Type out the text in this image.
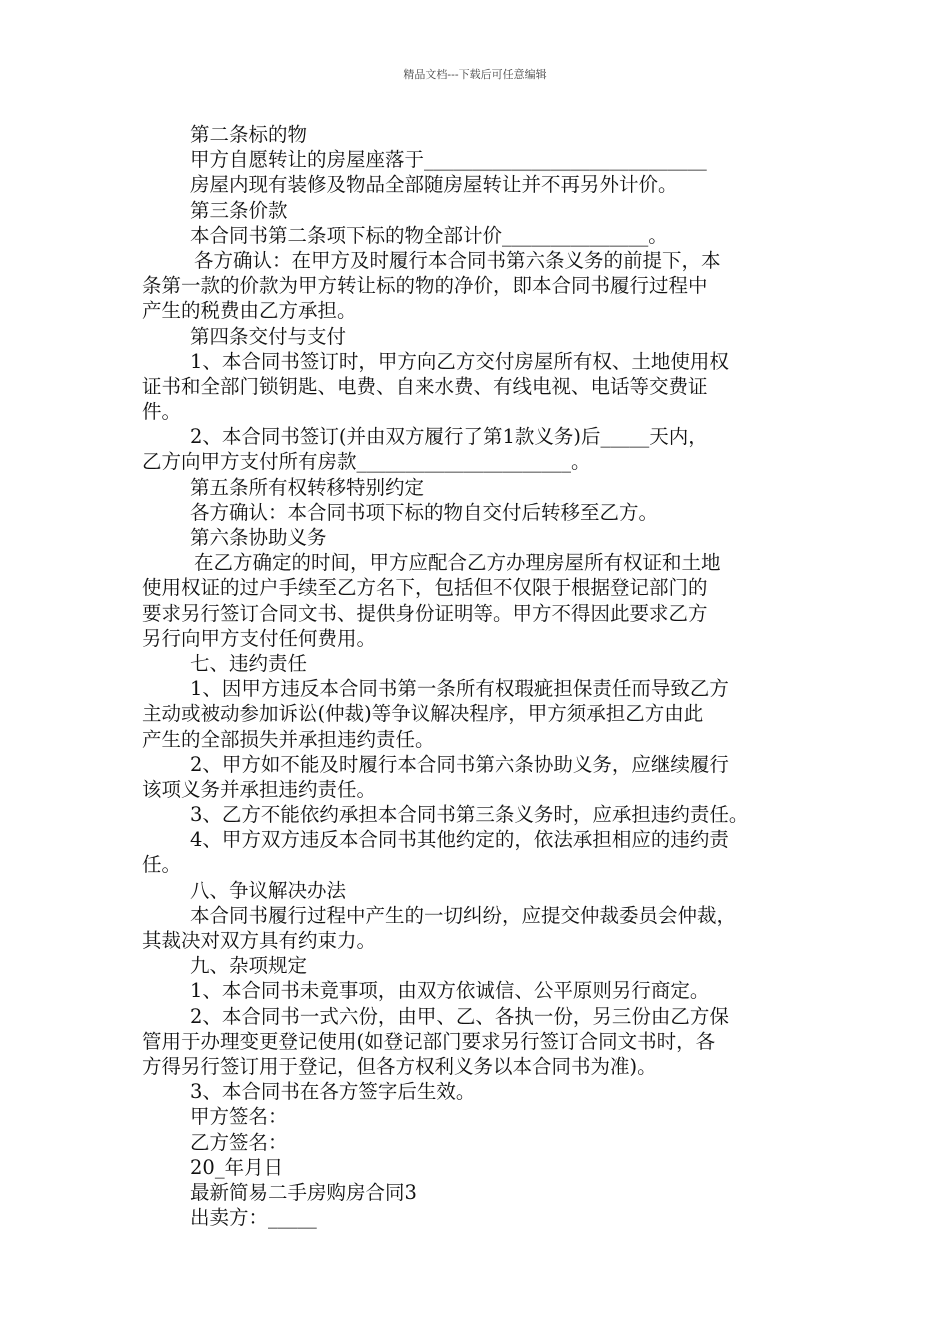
精品文档---下载后可任意编辑
第二条标的物
甲方自愿转让的房屋座落于_____________________________
房屋内现有装修及物品全部随房屋转让并不再另外计价。
第三条价款
本合同书第二条项下标的物全部计价_______________。
各方确认：在甲方及时履行本合同书第六条义务的前提下，本
条第一款的价款为甲方转让标的物的净价，即本合同书履行过程中
产生的税费由乙方承担。
第四条交付与支付
1、本合同书签订时，甲方向乙方交付房屋所有权、土地使用权
证书和全部门锁钥匙、电费、自来水费、有线电视、电话等交费证
件。
2、本合同书签订(并由双方履行了第1款义务)后_____天内，
乙方向甲方支付所有房款______________________。
第五条所有权转移特别约定
各方确认：本合同书项下标的物自交付后转移至乙方。
第六条协助义务
在乙方确定的时间，甲方应配合乙方办理房屋所有权证和土地
使用权证的过户手续至乙方名下，包括但不仅限于根据登记部门的
要求另行签订合同文书、提供身份证明等。甲方不得因此要求乙方
另行向甲方支付任何费用。
七、违约责任
1、因甲方违反本合同书第一条所有权瑕疵担保责任而导致乙方
主动或被动参加诉讼(仲裁)等争议解决程序，甲方须承担乙方由此
产生的全部损失并承担违约责任。
2、甲方如不能及时履行本合同书第六条协助义务，应继续履行
该项义务并承担违约责任。
3、乙方不能依约承担本合同书第三条义务时，应承担违约责任。
4、甲方双方违反本合同书其他约定的，依法承担相应的违约责
任。
八、争议解决办法
本合同书履行过程中产生的一切纠纷，应提交仲裁委员会仲裁，
其裁决对双方具有约束力。
九、杂项规定
1、本合同书未竟事项，由双方依诚信、公平原则另行商定。
2、本合同书一式六份，由甲、乙、各执一份，另三份由乙方保
管用于办理变更登记使用(如登记部门要求另行签订合同文书时，各
方得另行签订用于登记，但各方权利义务以本合同书为准)。
3、本合同书在各方签字后生效。
甲方签名：
乙方签名：
20_年月日
最新简易二手房购房合同3
出卖方：_____
